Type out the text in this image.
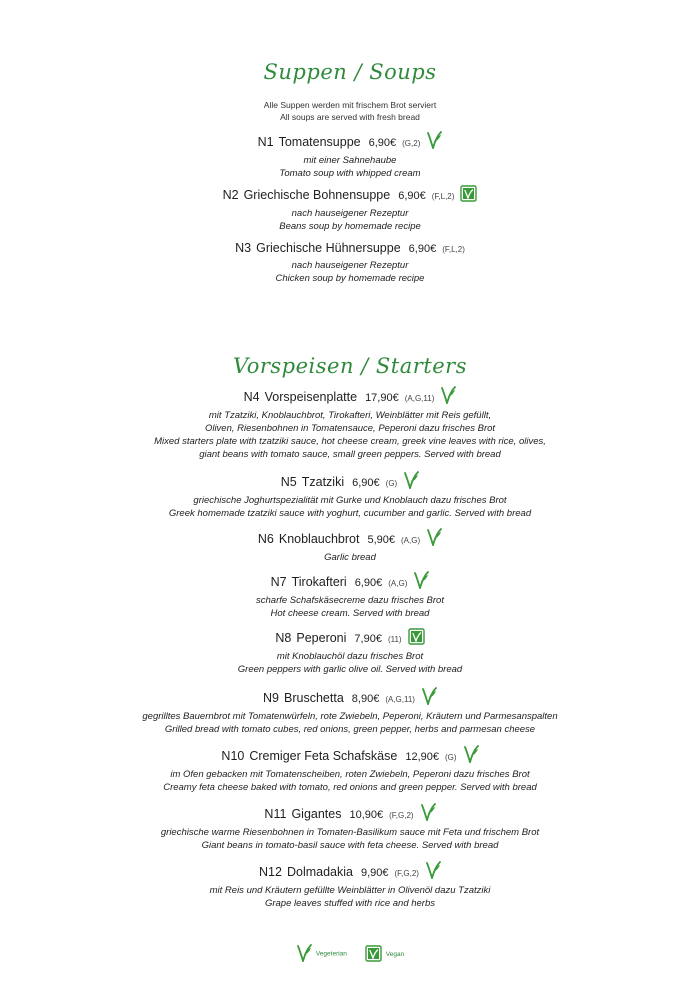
Suppen / Soups
Alle Suppen werden mit frischem Brot serviert
All soups are served with fresh bread
N1 Tomatensuppe 6,90€ (G,2)
mit einer Sahnehaube
Tomato soup with whipped cream
N2 Griechische Bohnensuppe 6,90€ (F,L,2)
nach hauseigener Rezeptur
Beans soup by homemade recipe
N3 Griechische Hühnersuppe 6,90€ (F,L,2)
nach hauseigener Rezeptur
Chicken soup by homemade recipe
Vorspeisen / Starters
N4 Vorspeisenplatte 17,90€ (A,G,11)
mit Tzatziki, Knoblauchbrot, Tirokafteri, Weinblätter mit Reis gefüllt,
Oliven, Riesenbohnen in Tomatensauce, Peperoni dazu frisches Brot
Mixed starters plate with tzatziki sauce, hot cheese cream, greek vine leaves with rice, olives,
giant beans with tomato sauce, small green peppers. Served with bread
N5 Tzatziki 6,90€ (G)
griechische Joghurtspezialität mit Gurke und Knoblauch dazu frisches Brot
Greek homemade tzatziki sauce with yoghurt, cucumber and garlic. Served with bread
N6 Knoblauchbrot 5,90€ (A,G)
Garlic bread
N7 Tirokafteri 6,90€ (A,G)
scharfe Schafskäsecreme dazu frisches Brot
Hot cheese cream. Served with bread
N8 Peperoni 7,90€ (11)
mit Knoblauchöl dazu frisches Brot
Green peppers with garlic olive oil. Served with bread
N9 Bruschetta 8,90€ (A,G,11)
gegrilltes Bauernbrot mit Tomatenwürfeln, rote Zwiebeln, Peperoni, Kräutern und Parmesanspalten
Grilled bread with tomato cubes, red onions, green pepper, herbs and parmesan cheese
N10 Cremiger Feta Schafskäse 12,90€ (G)
im Ofen gebacken mit Tomatenscheiben, roten Zwiebeln, Peperoni dazu frisches Brot
Creamy feta cheese baked with tomato, red onions and green pepper. Served with bread
N11 Gigantes 10,90€ (F,G,2)
griechische warme Riesenbohnen in Tomaten-Basilikum sauce mit Feta und frischem Brot
Giant beans in tomato-basil sauce with feta cheese. Served with bread
N12 Dolmadakia 9,90€ (F,G,2)
mit Reis und Kräutern gefüllte Weinblätter in Olivenöl dazu Tzatziki
Grape leaves stuffed with rice and herbs
Vegeterian	Vegan
